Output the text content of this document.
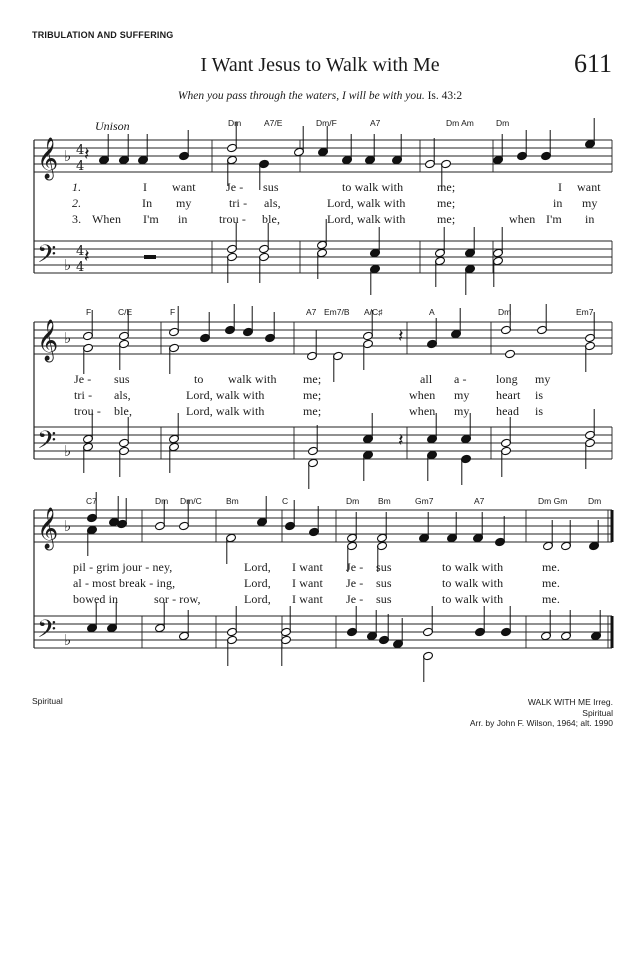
TRIBULATION AND SUFFERING
I Want Jesus to Walk with Me	611
When you pass through the waters, I will be with you. Is. 43:2
𝄞
𝄢
♭
♭
4
4
4
4
𝄞
𝄢
♭
♭
𝄞
𝄢
♭
♭
𝄽
𝄽
𝄽
𝄽
Unison	Dm	A7/E	Dm/F	A7	Dm Am	Dm
1.	I want	Je - sus	to walk with	me;	I want
2.	In my	tri - als,	Lord, walk with	me;	in my
3. When I'm in	trou - ble,	Lord, walk with	me;	when I'm in
F	C/E	F	A7 Em7/B A/C♯	A	Dm	Em7
Je - sus	to walk with me;	all a - long my
tri - als,	Lord, walk with	me;	when my heart is
trou - ble,	Lord, walk with	me;	when my head is
C7	Dm Dm/C	Bm	C	Dm Bm	Gm7	A7	Dm Gm Dm
pil - grim jour - ney,	Lord, I want Je - sus	to walk with	me.
al - most break - ing,	Lord, I want Je - sus	to walk with	me.
bowed in	sor - row,	Lord, I want Je - sus	to walk with	me.
Spiritual	WALK WITH ME Irreg.
Spiritual
Arr. by John F. Wilson, 1964; alt. 1990
